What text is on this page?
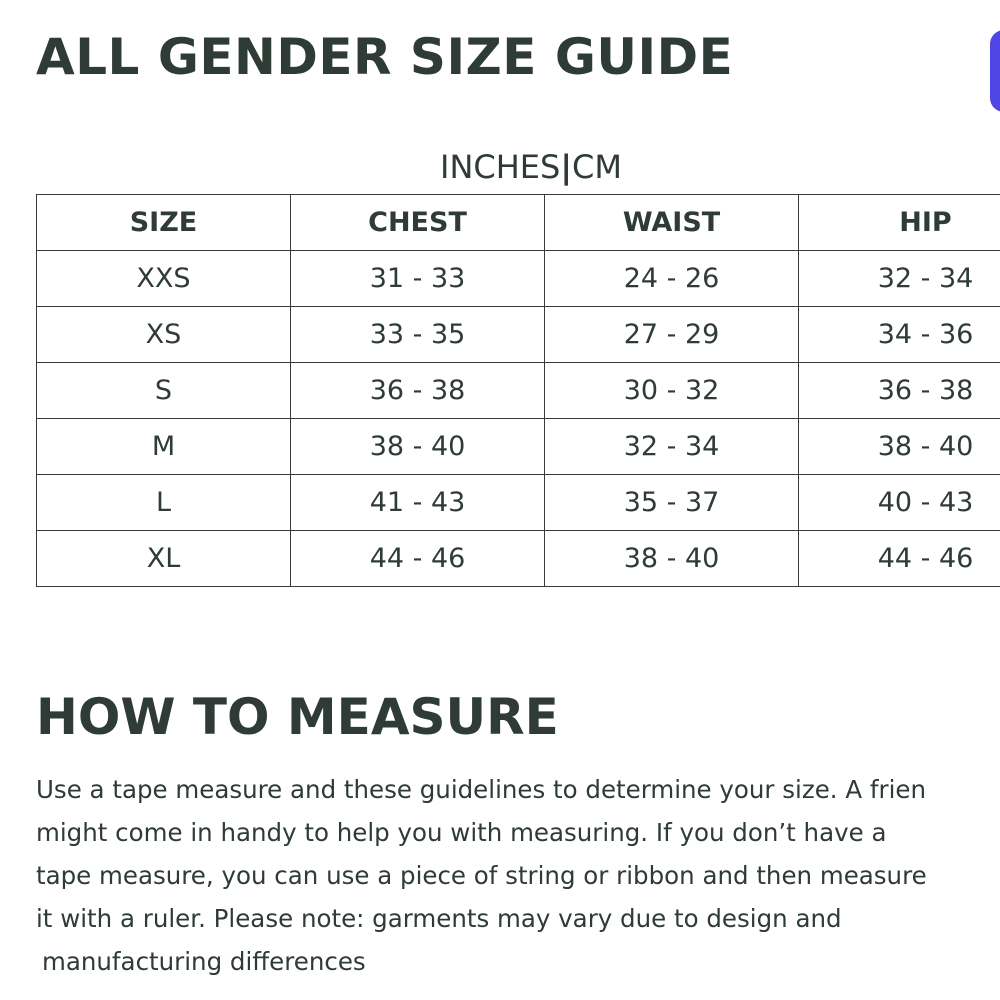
ALL GENDER SIZE GUIDE
INCHES|CM
SIZE	CHEST	WAIST	HIP
XXS	31 - 33	24 - 26	32 - 34
XS	33 - 35	27 - 29	34 - 36
S	36 - 38	30 - 32	36 - 38
M	38 - 40	32 - 34	38 - 40
L	41 - 43	35 - 37	40 - 43
XL	44 - 46	38 - 40	44 - 46
HOW TO MEASURE
Use a tape measure and these guidelines to determine your size. A frien
might come in handy to help you with measuring. If you don’t have a
tape measure, you can use a piece of string or ribbon and then measure
it with a ruler. Please note: garments may vary due to design and
manufacturing differences
